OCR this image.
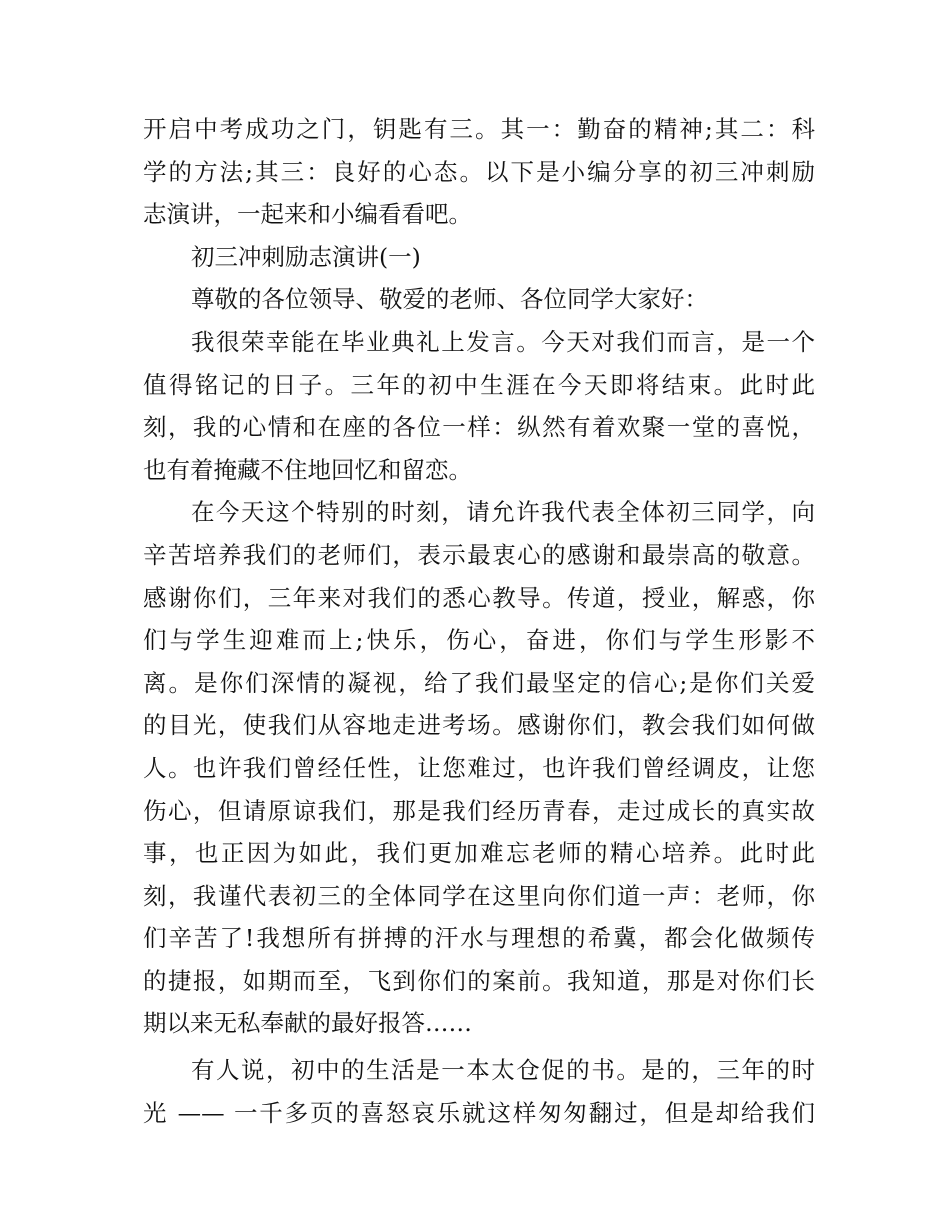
开启中考成功之门，钥匙有三。其一：勤奋的精神;其二：科
学的方法;其三：良好的心态。以下是小编分享的初三冲刺励
志演讲，一起来和小编看看吧。
初三冲刺励志演讲(一)
尊敬的各位领导、敬爱的老师、各位同学大家好：
我很荣幸能在毕业典礼上发言。今天对我们而言，是一个
值得铭记的日子。三年的初中生涯在今天即将结束。此时此
刻，我的心情和在座的各位一样：纵然有着欢聚一堂的喜悦，
也有着掩藏不住地回忆和留恋。
在今天这个特别的时刻，请允许我代表全体初三同学，向
辛苦培养我们的老师们，表示最衷心的感谢和最崇高的敬意。
感谢你们，三年来对我们的悉心教导。传道，授业，解惑，你
们与学生迎难而上;快乐，伤心，奋进，你们与学生形影不
离。是你们深情的凝视，给了我们最坚定的信心;是你们关爱
的目光，使我们从容地走进考场。感谢你们，教会我们如何做
人。也许我们曾经任性，让您难过，也许我们曾经调皮，让您
伤心，但请原谅我们，那是我们经历青春，走过成长的真实故
事，也正因为如此，我们更加难忘老师的精心培养。此时此
刻，我谨代表初三的全体同学在这里向你们道一声：老师，你
们辛苦了!我想所有拼搏的汗水与理想的希冀，都会化做频传
的捷报，如期而至，飞到你们的案前。我知道，那是对你们长
期以来无私奉献的最好报答……
有人说，初中的生活是一本太仓促的书。是的，三年的时
光 —— 一千多页的喜怒哀乐就这样匆匆翻过，但是却给我们
